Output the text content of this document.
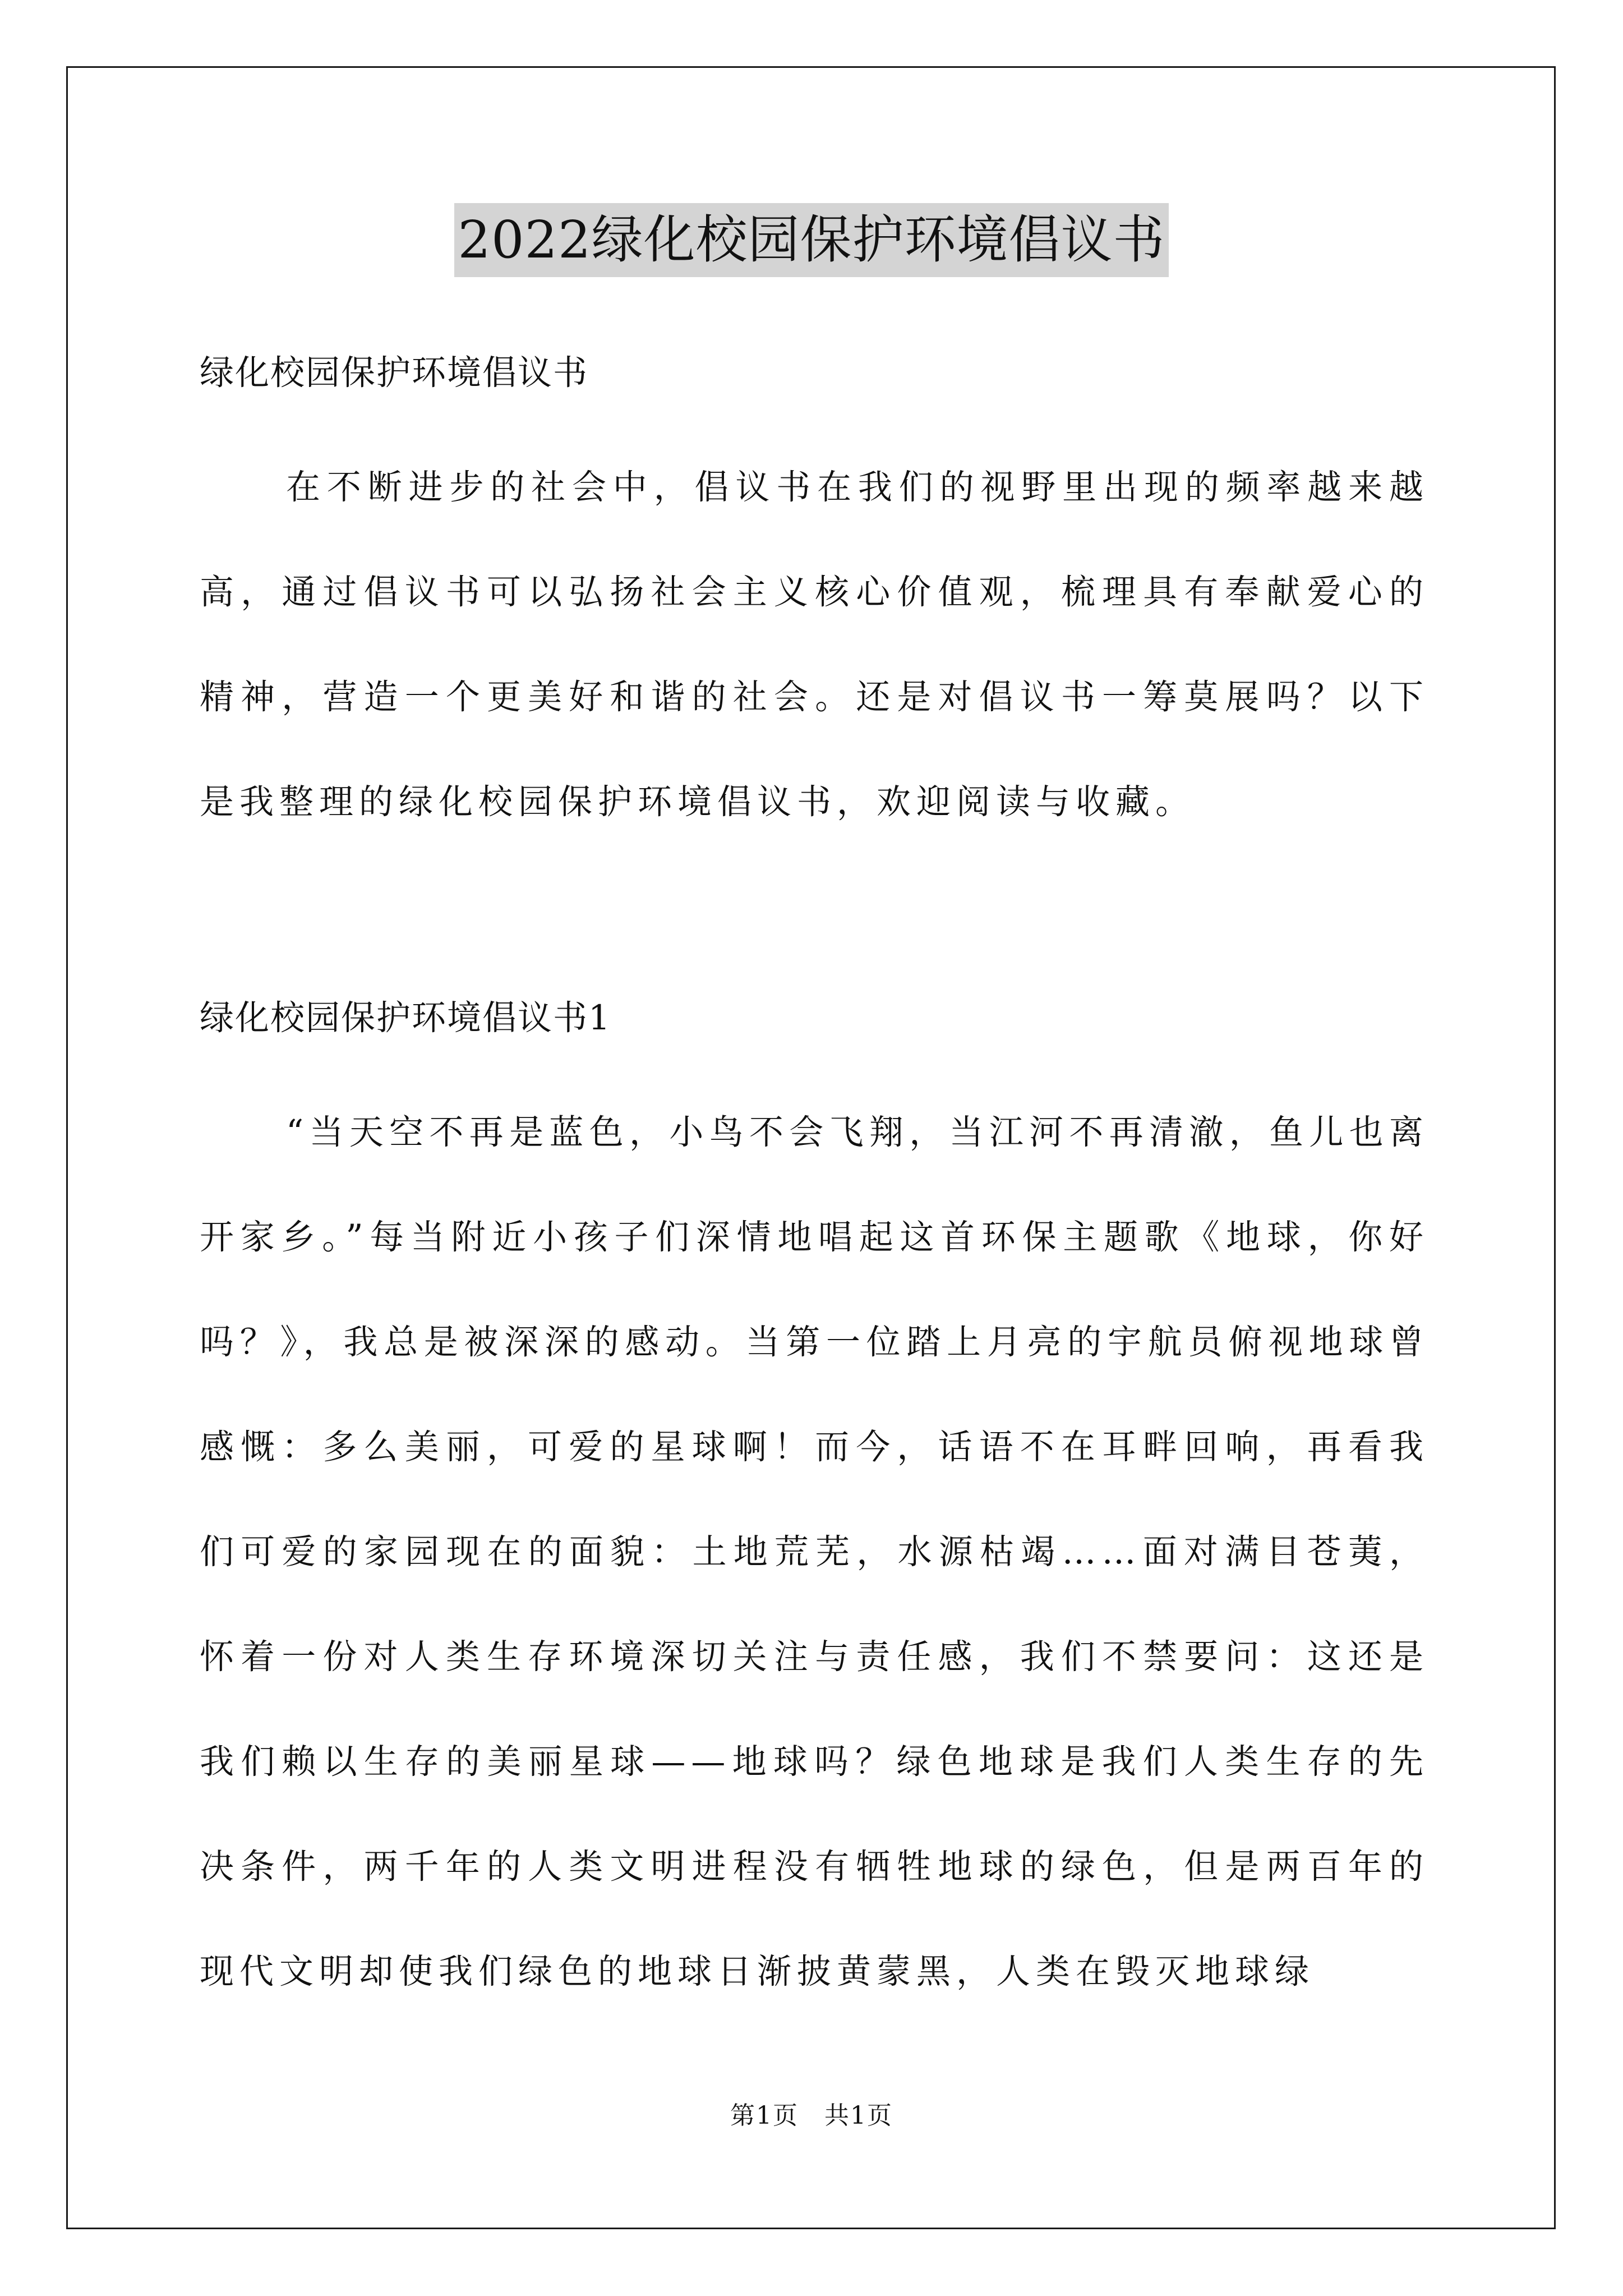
2022绿化校园保护环境倡议书

绿化校园保护环境倡议书

在不断进步的社会中，倡议书在我们的视野里出现的频率越来越高，通过倡议书可以弘扬社会主义核心价值观，梳理具有奉献爱心的精神，营造一个更美好和谐的社会。还是对倡议书一筹莫展吗？以下是我整理的绿化校园保护环境倡议书，欢迎阅读与收藏。

绿化校园保护环境倡议书1

“当天空不再是蓝色，小鸟不会飞翔，当江河不再清澈，鱼儿也离开家乡。”每当附近小孩子们深情地唱起这首环保主题歌《地球，你好吗？》，我总是被深深的感动。当第一位踏上月亮的宇航员俯视地球曾感慨：多么美丽，可爱的星球啊！而今，话语不在耳畔回响，再看我们可爱的家园现在的面貌：土地荒芜，水源枯竭……面对满目苍荑，怀着一份对人类生存环境深切关注与责任感，我们不禁要问：这还是我们赖以生存的美丽星球——地球吗？绿色地球是我们人类生存的先决条件，两千年的人类文明进程没有牺牲地球的绿色，但是两百年的现代文明却使我们绿色的地球日渐披黄蒙黑，人类在毁灭地球绿

第1页　共1页
